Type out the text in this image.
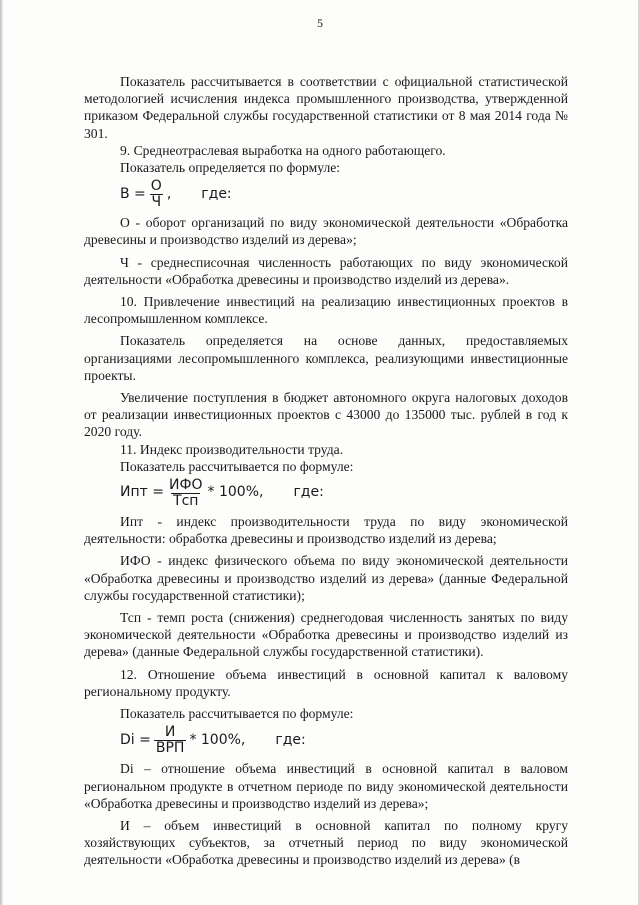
5

Показатель рассчитывается в соответствии с официальной статистической методологией исчисления индекса промышленного производства, утвержденной приказом Федеральной службы государственной статистики от 8 мая 2014 года № 301.

9. Среднеотраслевая выработка на одного работающего.

Показатель определяется по формуле:

$В = \frac{О}{Ч}$ , где:

О - оборот организаций по виду экономической деятельности «Обработка древесины и производство изделий из дерева»;

Ч - среднесписочная численность работающих по виду экономической деятельности «Обработка древесины и производство изделий из дерева».

10. Привлечение инвестиций на реализацию инвестиционных проектов в лесопромышленном комплексе.

Показатель определяется на основе данных, предоставляемых организациями лесопромышленного комплекса, реализующими инвестиционные проекты.

Увеличение поступления в бюджет автономного округа налоговых доходов от реализации инвестиционных проектов с 43000 до 135000 тыс. рублей в год к 2020 году.

11. Индекс производительности труда.

Показатель рассчитывается по формуле:

Ипт = $\frac{\text{ИФО}}{\text{Тсп}} * 100\%$, где:

Ипт - индекс производительности труда по виду экономической деятельности: обработка древесины и производство изделий из дерева;

ИФО - индекс физического объема по виду экономической деятельности «Обработка древесины и производство изделий из дерева» (данные Федеральной службы государственной статистики);

Тсп - темп роста (снижения) среднегодовая численность занятых по виду экономической деятельности «Обработка древесины и производство изделий из дерева» (данные Федеральной службы государственной статистики).

12. Отношение объема инвестиций в основной капитал к валовому региональному продукту.

Показатель рассчитывается по формуле:

$Di = \frac{И}{\text{ВРП}} * 100\%$, где:

Di – отношение объема инвестиций в основной капитал в валовом региональном продукте в отчетном периоде по виду экономической деятельности «Обработка древесины и производство изделий из дерева»;

И – объем инвестиций в основной капитал по полному кругу хозяйствующих субъектов, за отчетный период по виду экономической деятельности «Обработка древесины и производство изделий из дерева» (в
